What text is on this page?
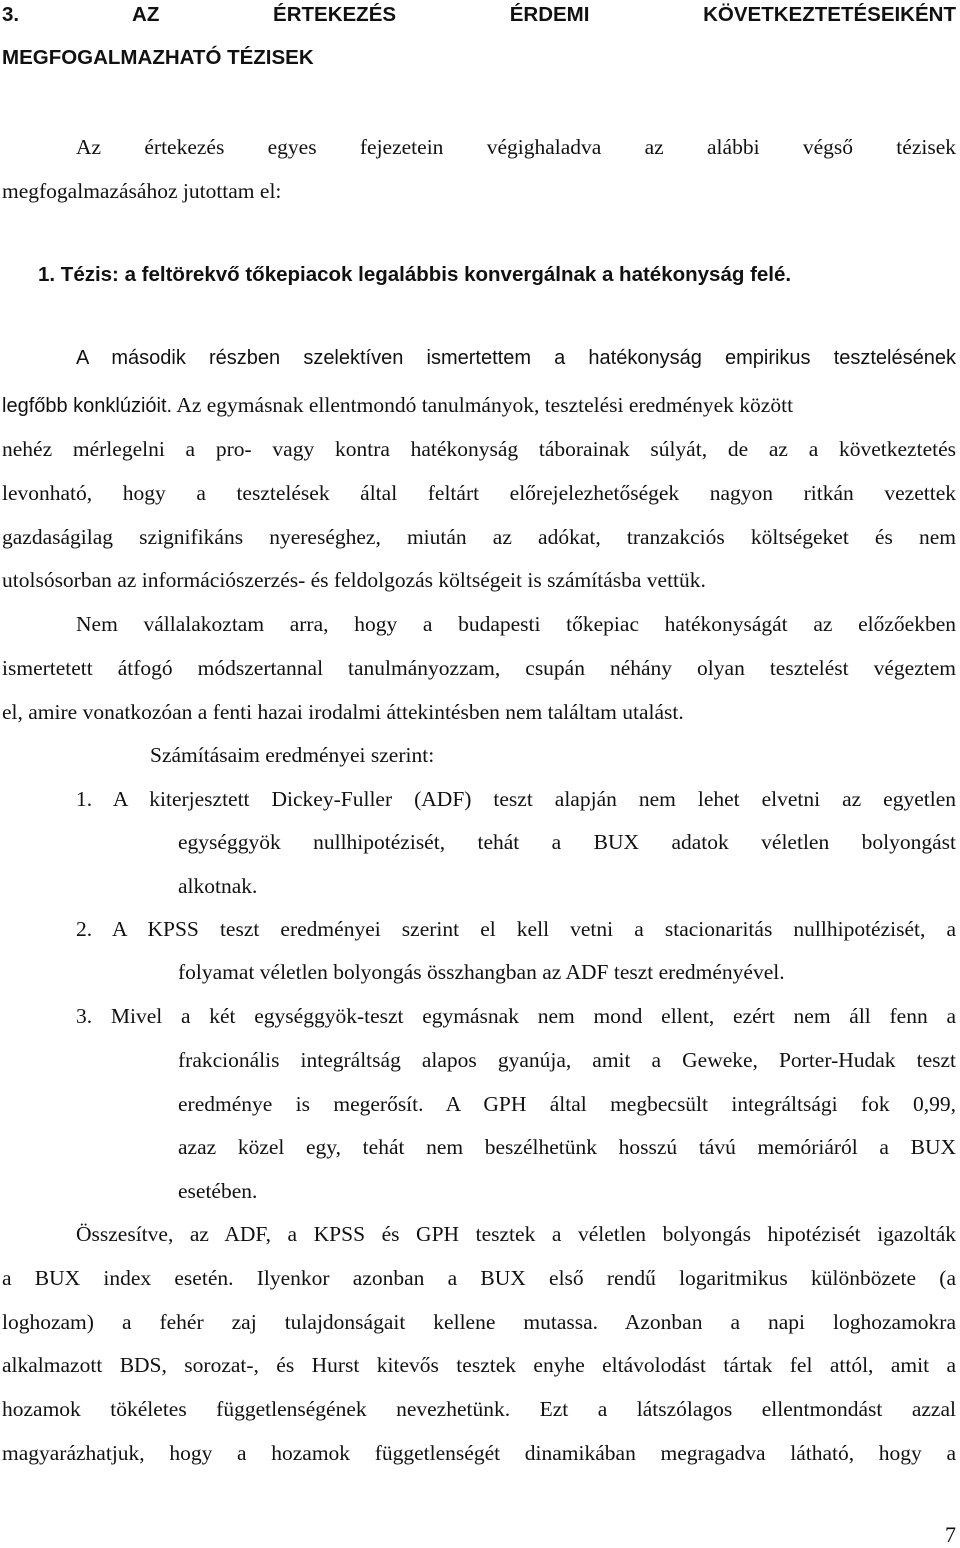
3. AZ ÉRTEKEZÉS ÉRDEMI KÖVETKEZTETÉSEIKÉNT
MEGFOGALMAZHATÓ TÉZISEK
Az értekezés egyes fejezetein végighaladva az alábbi végső tézisek
megfogalmazásához jutottam el:
1. Tézis: a feltörekvő tőkepiacok legalábbis konvergálnak a hatékonyság felé.
A második részben szelektíven ismertettem a hatékonyság empirikus tesztelésének
legfőbb konklúzióit. Az egymásnak ellentmondó tanulmányok, tesztelési eredmények között
nehéz mérlegelni a pro- vagy kontra hatékonyság táborainak súlyát, de az a következtetés
levonható, hogy a tesztelések által feltárt előrejelezhetőségek nagyon ritkán vezettek
gazdaságilag szignifikáns nyereséghez, miután az adókat, tranzakciós költségeket és nem
utolsósorban az információszerzés- és feldolgozás költségeit is számításba vettük.
Nem vállalakoztam arra, hogy a budapesti tőkepiac hatékonyságát az előzőekben
ismertetett átfogó módszertannal tanulmányozzam, csupán néhány olyan tesztelést végeztem
el, amire vonatkozóan a fenti hazai irodalmi áttekintésben nem találtam utalást.
Számításaim eredményei szerint:
1. A kiterjesztett Dickey-Fuller (ADF) teszt alapján nem lehet elvetni az egyetlen
egységgyök nullhipotézisét, tehát a BUX adatok véletlen bolyongást
alkotnak.
2. A KPSS teszt eredményei szerint el kell vetni a stacionaritás nullhipotézisét, a
folyamat véletlen bolyongás összhangban az ADF teszt eredményével.
3. Mivel a két egységgyök-teszt egymásnak nem mond ellent, ezért nem áll fenn a
frakcionális integráltság alapos gyanúja, amit a Geweke, Porter-Hudak teszt
eredménye is megerősít. A GPH által megbecsült integráltsági fok 0,99,
azaz közel egy, tehát nem beszélhetünk hosszú távú memóriáról a BUX
esetében.
Összesítve, az ADF, a KPSS és GPH tesztek a véletlen bolyongás hipotézisét igazolták
a BUX index esetén. Ilyenkor azonban a BUX első rendű logaritmikus különbözete (a
loghozam) a fehér zaj tulajdonságait kellene mutassa. Azonban a napi loghozamokra
alkalmazott BDS, sorozat-, és Hurst kitevős tesztek enyhe eltávolodást tártak fel attól, amit a
hozamok tökéletes függetlenségének nevezhetünk. Ezt a látszólagos ellentmondást azzal
magyarázhatjuk, hogy a hozamok függetlenségét dinamikában megragadva látható, hogy a
7
